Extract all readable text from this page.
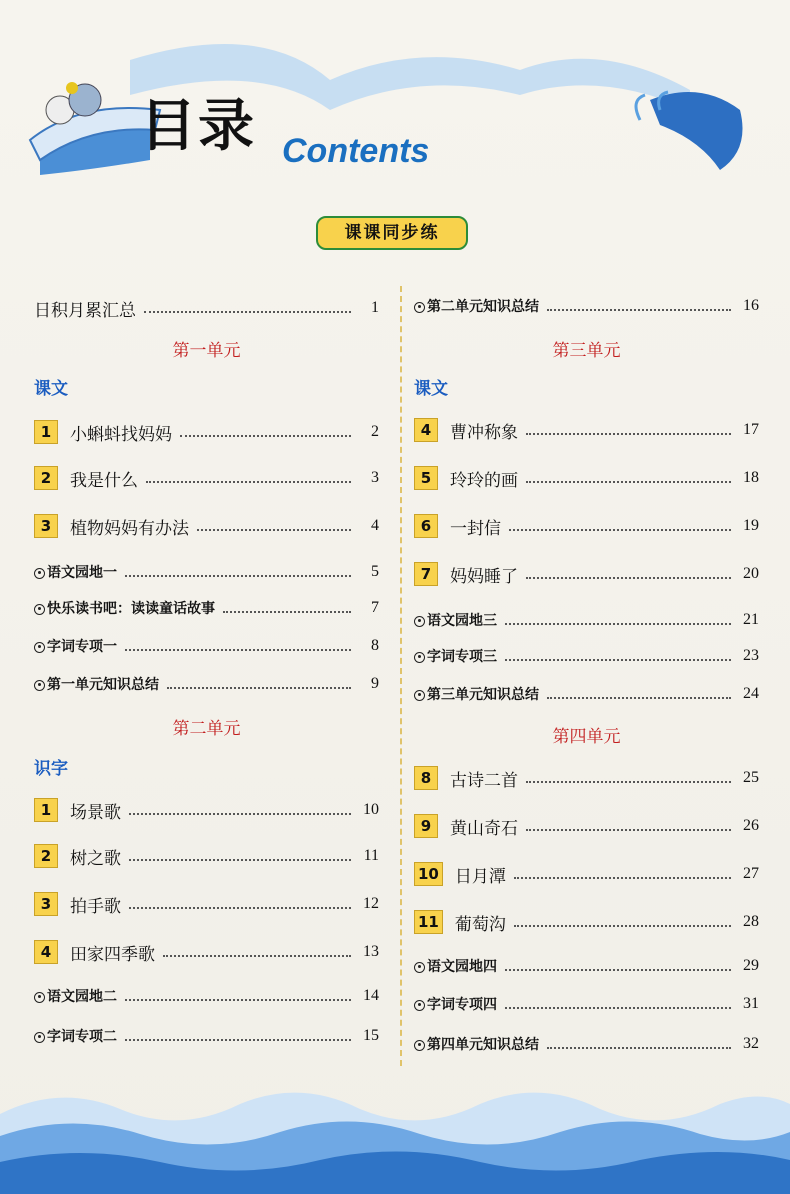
目录 Contents
课课同步练
日积月累汇总	1
第一单元
课文
1	小蝌蚪找妈妈	2
2	我是什么	3
3	植物妈妈有办法	4
语文园地一	5
快乐读书吧：读读童话故事	7
字词专项一	8
第一单元知识总结	9
第二单元
识字
1	场景歌	10
2	树之歌	11
3	拍手歌	12
4	田家四季歌	13
语文园地二	14
字词专项二	15
第二单元知识总结	16
第三单元
课文
4	曹冲称象	17
5	玲玲的画	18
6	一封信	19
7	妈妈睡了	20
语文园地三	21
字词专项三	23
第三单元知识总结	24
第四单元
8	古诗二首	25
9	黄山奇石	26
10 日月潭	27
11 葡萄沟	28
语文园地四	29
字词专项四	31
第四单元知识总结	32
